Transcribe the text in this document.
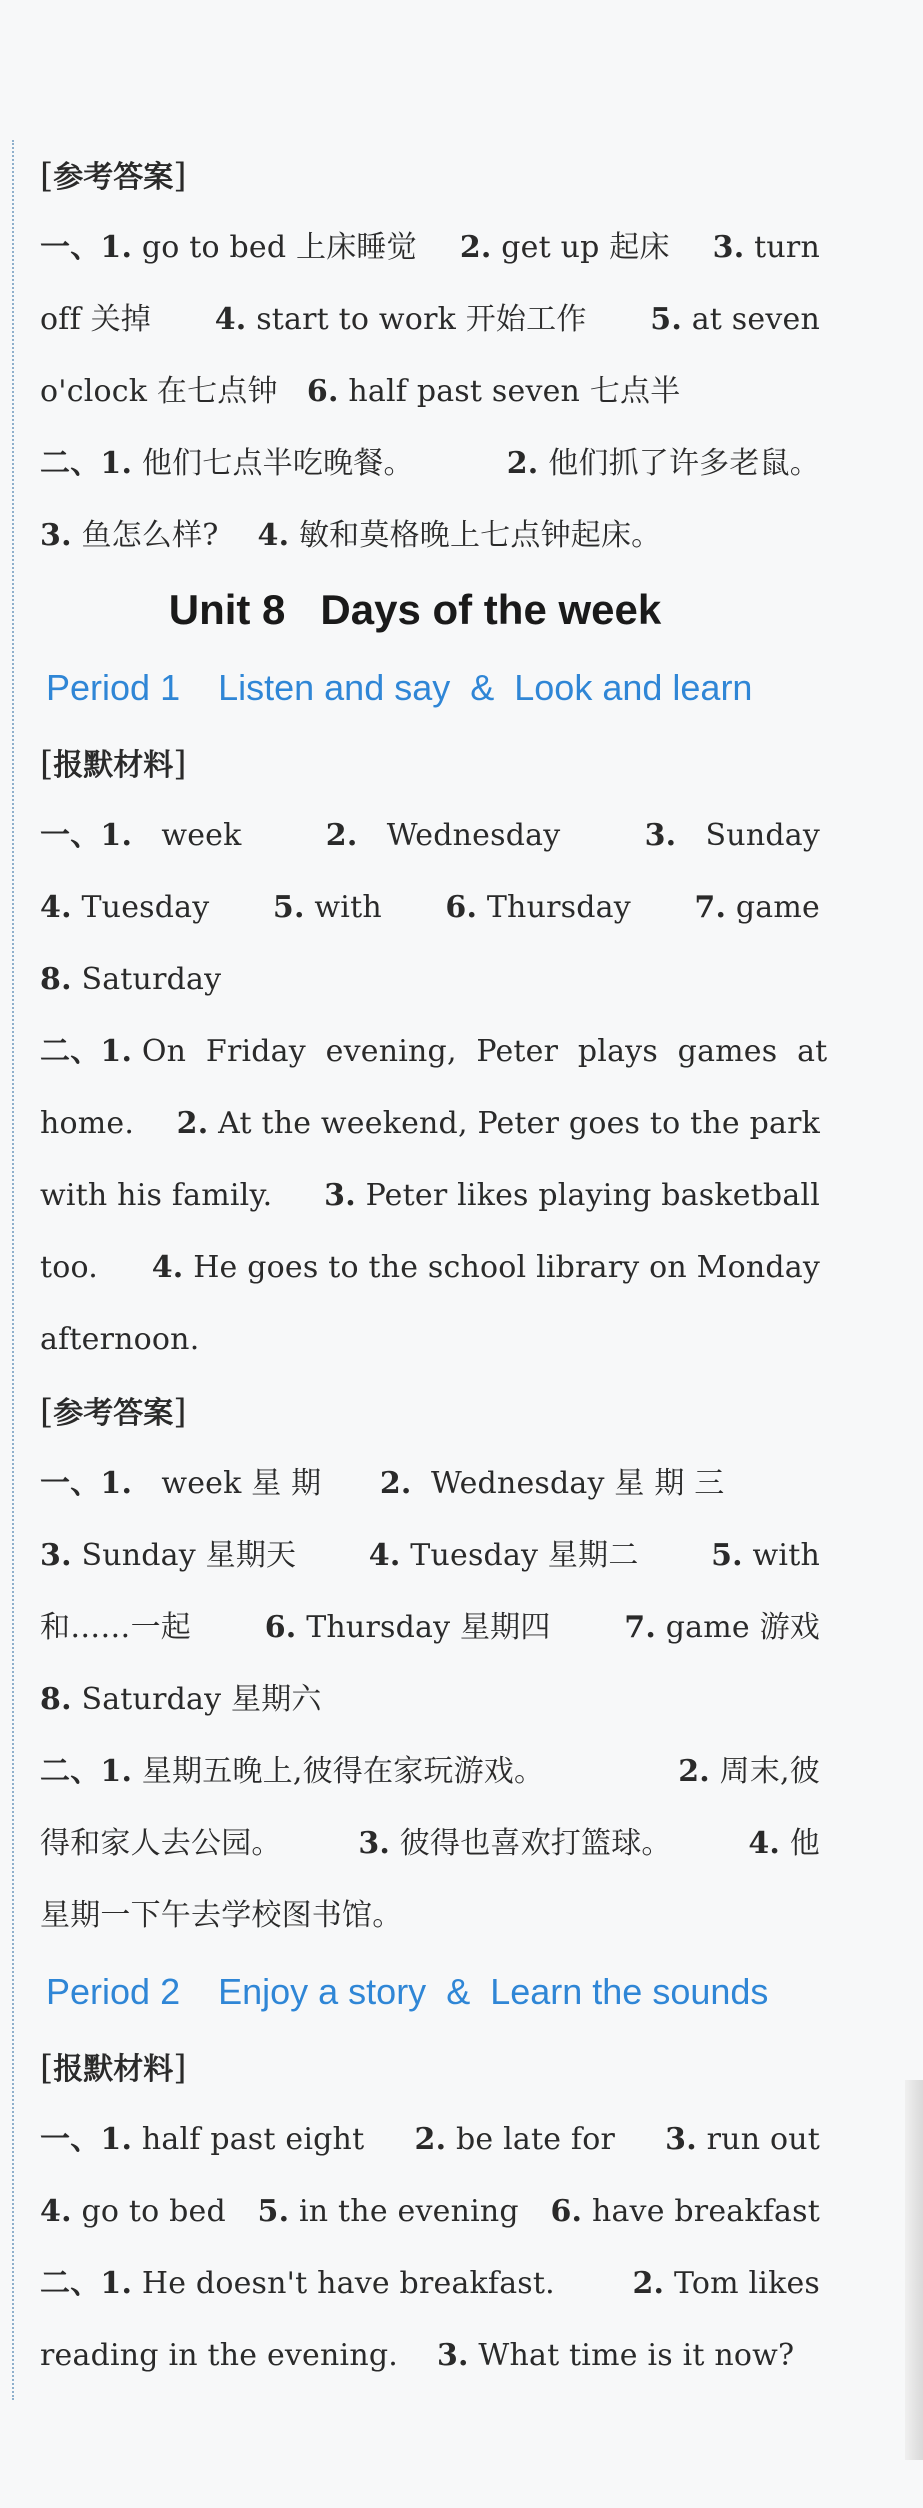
[参考答案]
一、1. go to bed 上床睡觉 2. get up 起床 3. turn
off 关掉 4. start to work 开始工作 5. at seven
o'clock 在七点钟 6. half past seven 七点半
二、1. 他们七点半吃晚餐。	2. 他们抓了许多老鼠。
3. 鱼怎么样? 4. 敏和莫格晚上七点钟起床。
Unit 8   Days of the week
Period 1 Listen and say  &  Look and learn
[报默材料]
一、1. week	2. Wednesday	3. Sunday
4. Tuesday 5. with 6. Thursday 7. game
8. Saturday
二、1.
On Friday evening, Peter plays games at
home. 2. At the weekend, Peter goes to the park
with his family. 3. Peter likes playing basketball
too. 4. He goes to the school library on Monday
afternoon.
[参考答案]
一、1. week 星 期 2. Wednesday 星 期 三
3. Sunday 星期天 4. Tuesday 星期二 5. with
和……一起 6. Thursday 星期四 7. game 游戏
8. Saturday 星期六
二、1. 星期五晚上,彼得在家玩游戏。	2. 周末,彼
得和家人去公园。	3. 彼得也喜欢打篮球。	4. 他
星期一下午去学校图书馆。
Period 2 Enjoy a story  &  Learn the sounds
[报默材料]
一、1. half past eight 2. be late for 3. run out
4. go to bed 5. in the evening 6. have breakfast
二、1. He doesn't have breakfast.	2. Tom likes
reading in the evening. 3. What time is it now?
